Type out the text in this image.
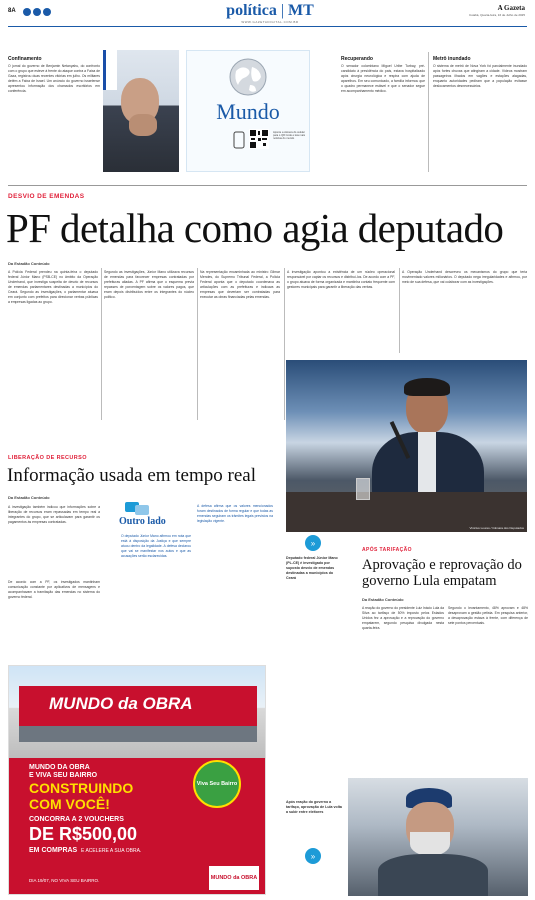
8A	política | MT
WWW.GAZETADIGITAL.COM.BR
A Gazeta
Cuiabá, Quarta-feira, 16 de Julho de 2025
Confinamento
O jornal do governo de Benjamin Netanyahu, do confronto com o grupo que esteve à frente do ataque contra a Faixa de Gaza, registrou duas recentes vitórias em julho. Os militares detêm a Faixa de Israel. Um anúncio do governo israelense apresentou informação dos chamados escritórios em conferência.
Mundo
Aponte a câmera do celular para o QR Code e leia mais notícias do mundo
Recuperando
O senador colombiano Miguel Uribe Turbay, pré-candidato à presidência do país, estava hospitalizado após cirurgia neurológica e respira com ajuda de aparelhos. Em seu comunicado, a família informou que o quadro permanece estável e que o senador segue em acompanhamento médico.
Metrô inundado
O sistema de metrô de Nova York foi parcialmente inundado após fortes chuvas que atingiram a cidade. Vídeos mostram passageiros ilhados em vagões e estações alagadas, enquanto autoridades pediram que a população evitasse deslocamentos desnecessários.
DESVIO DE EMENDAS
PF detalha como agia deputado
Da Estadão Conteúdo
A Polícia Federal prendeu na quinta-feira o deputado federal Júnior Mano (PSB-CE) no âmbito da Operação Underhand, que investiga suspeita de desvio de recursos de emendas parlamentares destinadas a municípios do Ceará. Segundo as investigações, o parlamentar atuava em conjunto com prefeitos para direcionar verbas públicas a empresas ligadas ao grupo.
Segundo as investigações, Júnior Mano utilizava recursos de emendas para favorecer empresas contratadas por prefeituras aliadas. A PF afirma que o esquema previa repasses de porcentagem sobre os valores pagos, que eram depois distribuídos entre os integrantes do núcleo político.
Na representação encaminhada ao ministro Gilmar Mendes, do Supremo Tribunal Federal, a Polícia Federal aponta que o deputado coordenava as articulações com as prefeituras e indicava as empresas que deveriam ser contratadas para executar as obras financiadas pelas emendas.
A investigação apontou a existência de um núcleo operacional responsável por captar os recursos e distribuí-los. De acordo com a PF, o grupo atuava de forma organizada e mantinha contato frequente com gestores municipais para garantir a liberação das verbas.
A Operação Underhand descreveu os mecanismos do grupo que teria movimentado valores milionários. O deputado nega irregularidades e afirmou, por meio de sua defesa, que vai colaborar com as investigações.
Vinicius Loures / Câmara dos Deputados
LIBERAÇÃO DE RECURSO
Informação usada em tempo real
Da Estadão Conteúdo
A investigação também indicou que informações sobre a liberação de recursos eram repassadas em tempo real a integrantes do grupo, que se articulavam para garantir os pagamentos às empresas contratadas.
De acordo com a PF, os investigados mantinham comunicação constante por aplicativos de mensagens e acompanhavam a tramitação das emendas no sistema do governo federal.
Outro lado
O deputado Júnior Mano afirmou em nota que está à disposição da Justiça e que sempre atuou dentro da legalidade. A defesa declarou que vai se manifestar nos autos e que as acusações serão esclarecidas.
A defesa afirma que os valores mencionados foram destinados de forma regular e que todas as emendas seguiram os trâmites legais previstos na legislação vigente.
»
Deputado federal Júnior Mano (PL-CE) é investigado por suposto desvio de emendas destinadas a municípios do Ceará
APÓS TARIFAÇÃO
Aprovação e reprovação do governo Lula empatam
Da Estadão Conteúdo
A reação do governo do presidente Luiz Inácio Lula da Silva ao tarifaço de 50% imposto pelos Estados Unidos fez a aprovação e a reprovação do governo empatarem, segundo pesquisa divulgada nesta quarta-feira.
Segundo o levantamento, 48% aprovam e 48% desaprovam a gestão petista. Em pesquisa anterior, a desaprovação estava à frente, com diferença de sete pontos percentuais.
»
Após reação do governo a tarifaço, aprovação de Lula volta a subir entre eleitores
MUNDO da OBRA
MUNDO DA OBRA
E VIVA SEU BAIRRO
CONSTRUINDO
COM VOCÊ!
CONCORRA A 2 VOUCHERS
DE R$500,00
EM COMPRAS E ACELERE A SUA OBRA.
DIA 19/07, NO VIVA SEU BAIRRO.
Viva Seu Bairro
MUNDO da OBRA
